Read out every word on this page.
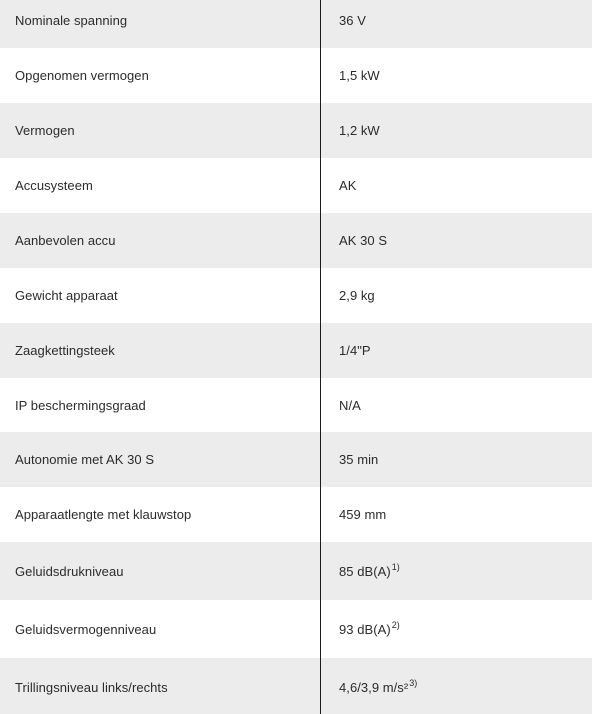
Nominale spanning	36 V
Opgenomen vermogen	1,5 kW
Vermogen	1,2 kW
Accusysteem	AK
Aanbevolen accu	AK 30 S
Gewicht apparaat	2,9 kg
Zaagkettingsteek	1/4"P
IP beschermingsgraad	N/A
Autonomie met AK 30 S	35 min
Apparaatlengte met klauwstop	459 mm
Geluidsdrukniveau	85 $dB(A)^{1)}$
Geluidsvermogenniveau	93 $dB(A)^{2)}$
Trillingsniveau links/rechts	4,6/3,9 m/s²$^{3)}$
